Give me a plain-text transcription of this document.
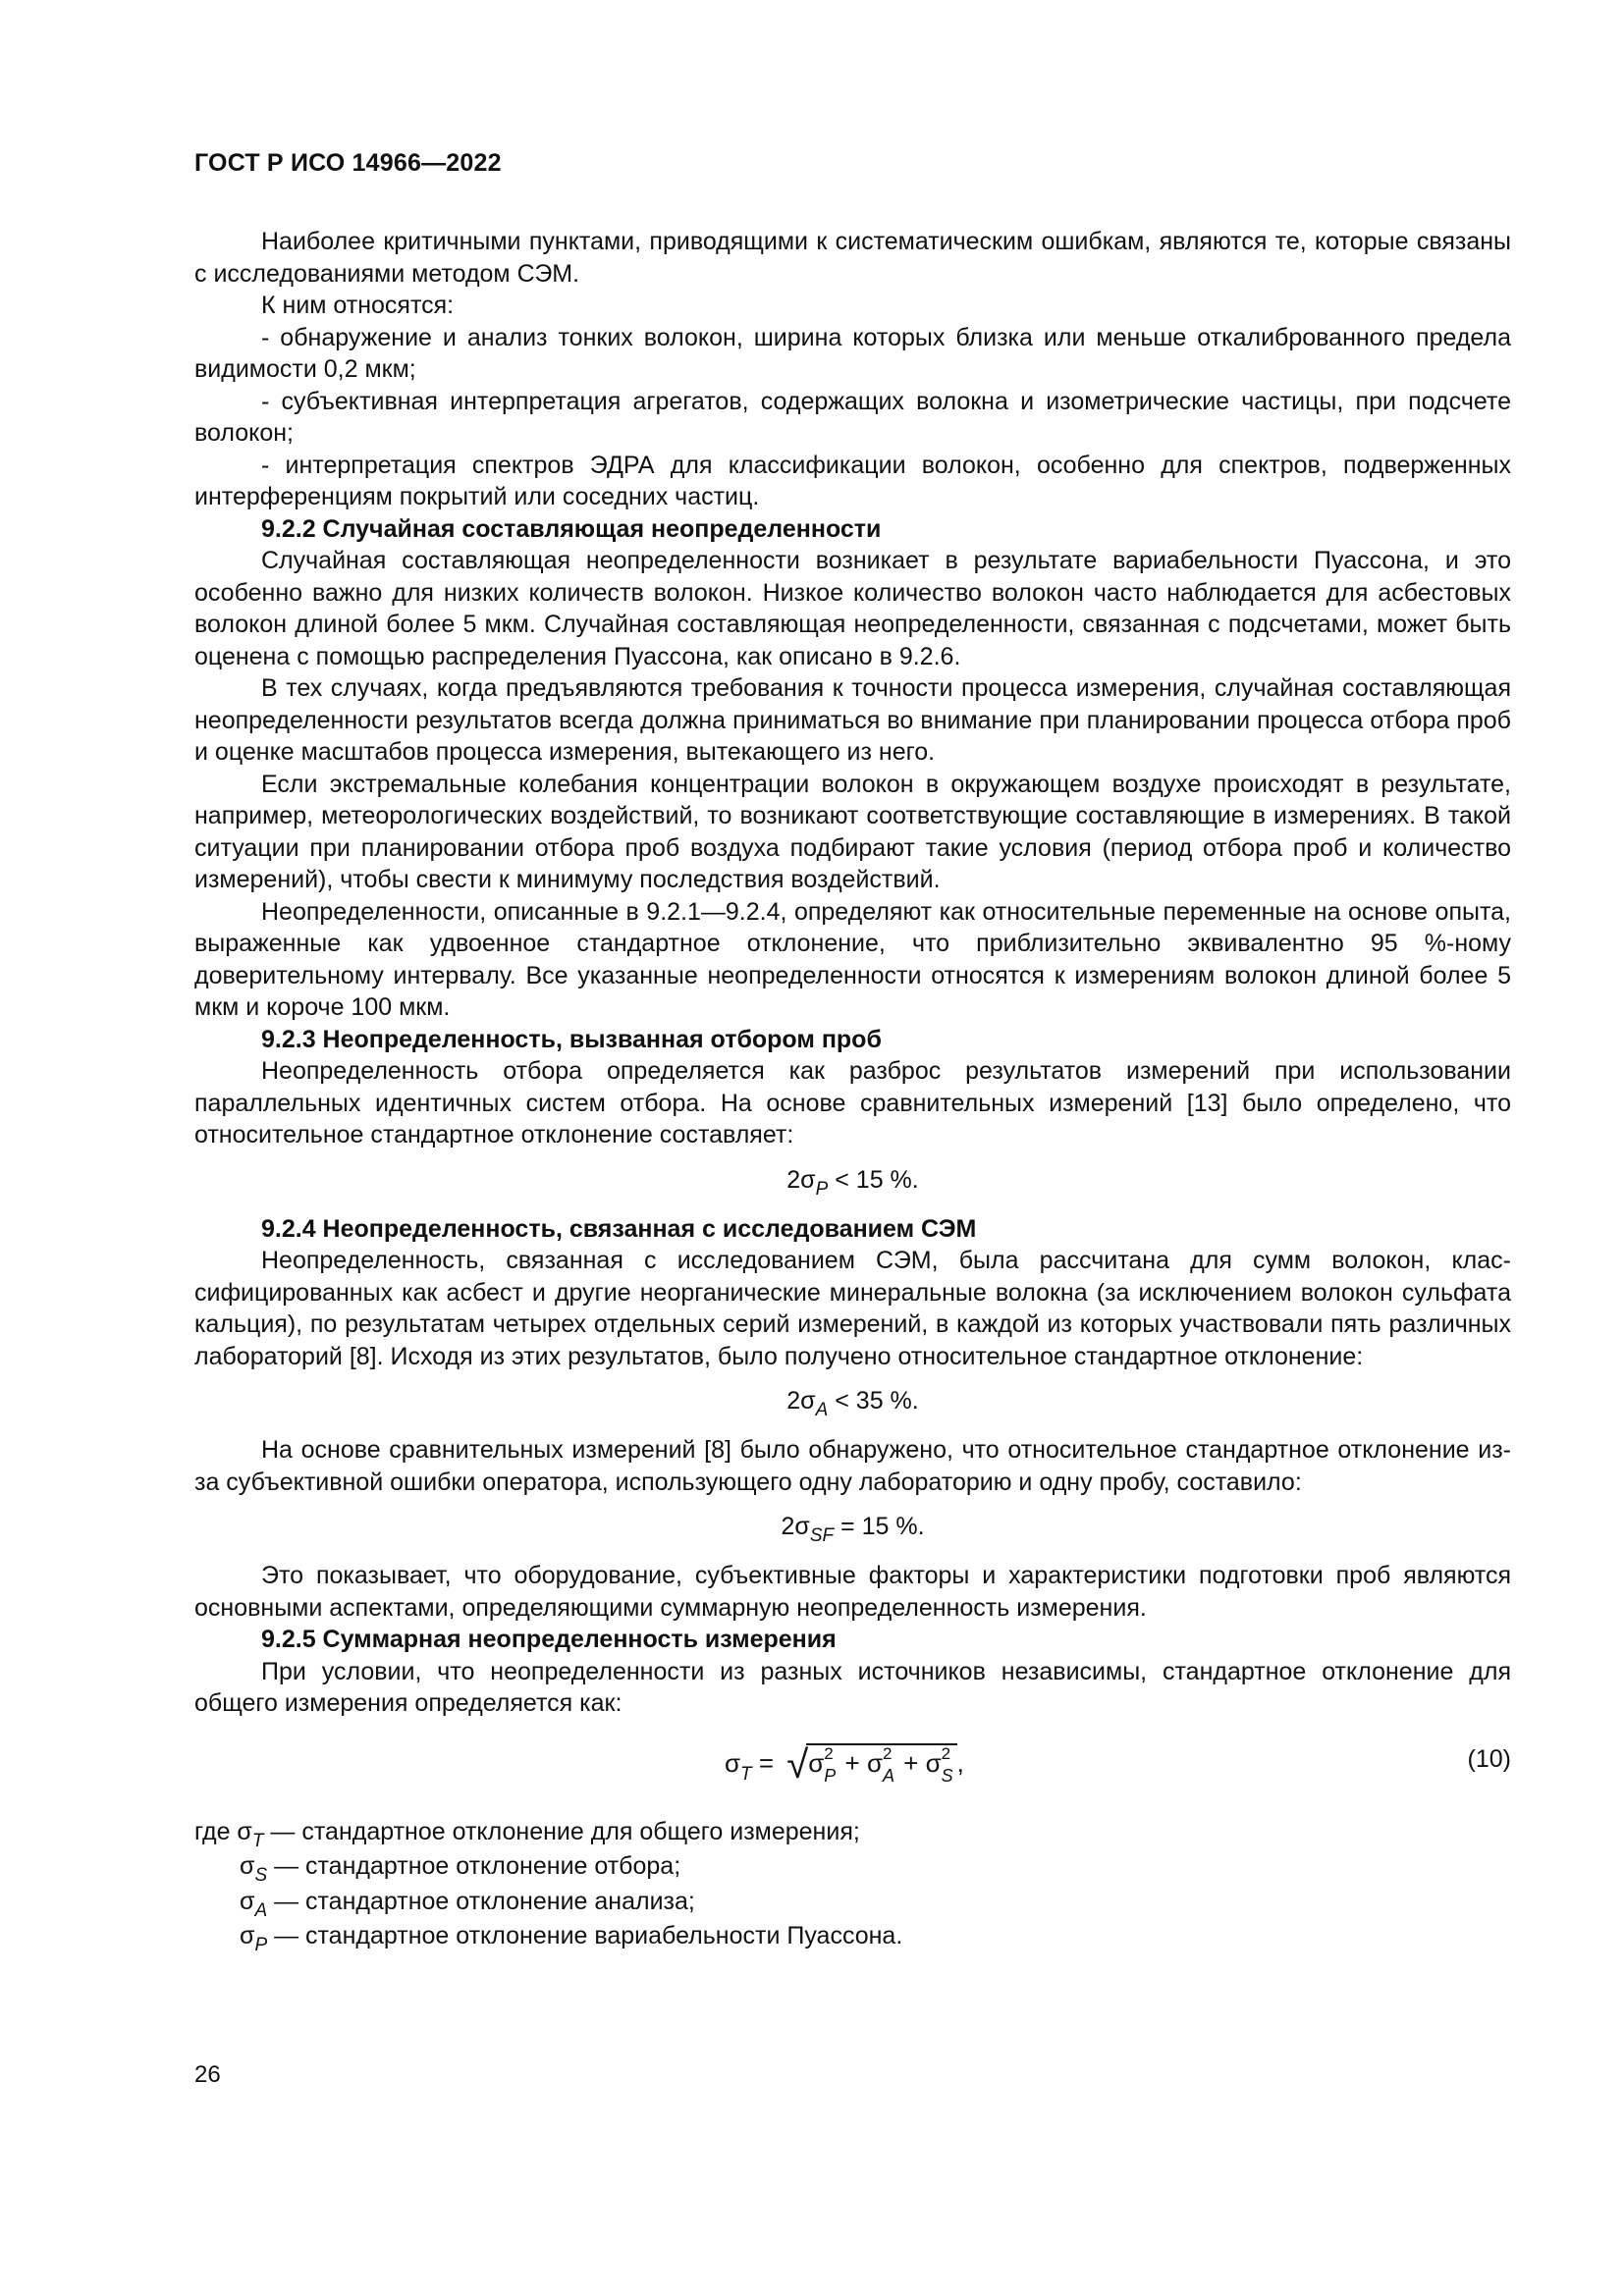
ГОСТ Р ИСО 14966—2022

Наиболее критичными пунктами, приводящими к систематическим ошибкам, являются те, которые связаны с исследованиями методом СЭМ.

К ним относятся:

- обнаружение и анализ тонких волокон, ширина которых близка или меньше откалиброванного предела видимости 0,2 мкм;

- субъективная интерпретация агрегатов, содержащих волокна и изометрические частицы, при подсчете волокон;

- интерпретация спектров ЭДРА для классификации волокон, особенно для спектров, подверженных интерференциям покрытий или соседних частиц.

9.2.2 Случайная составляющая неопределенности

Случайная составляющая неопределенности возникает в результате вариабельности Пуассона, и это особенно важно для низких количеств волокон. Низкое количество волокон часто наблюдается для асбестовых волокон длиной более 5 мкм. Случайная составляющая неопределенности, связанная с подсчетами, может быть оценена с помощью распределения Пуассона, как описано в 9.2.6.

В тех случаях, когда предъявляются требования к точности процесса измерения, случайная составляющая неопределенности результатов всегда должна приниматься во внимание при планировании процесса отбора проб и оценке масштабов процесса измерения, вытекающего из него.

Если экстремальные колебания концентрации волокон в окружающем воздухе происходят в результате, например, метеорологических воздействий, то возникают соответствующие составляющие в измерениях. В такой ситуации при планировании отбора проб воздуха подбирают такие условия (период отбора проб и количество измерений), чтобы свести к минимуму последствия воздействий.

Неопределенности, описанные в 9.2.1—9.2.4, определяют как относительные переменные на основе опыта, выраженные как удвоенное стандартное отклонение, что приблизительно эквивалентно 95 %-ному доверительному интервалу. Все указанные неопределенности относятся к измерениям волокон длиной более 5 мкм и короче 100 мкм.

9.2.3 Неопределенность, вызванная отбором проб

Неопределенность отбора определяется как разброс результатов измерений при использовании параллельных идентичных систем отбора. На основе сравнительных измерений [13] было определено, что относительное стандартное отклонение составляет:

$2\sigma_P < 15$ %.

9.2.4 Неопределенность, связанная с исследованием СЭМ

Неопределенность, связанная с исследованием СЭМ, была рассчитана для сумм волокон, классифицированных как асбест и другие неорганические минеральные волокна (за исключением волокон сульфата кальция), по результатам четырех отдельных серий измерений, в каждой из которых участвовали пять различных лабораторий [8]. Исходя из этих результатов, было получено относительное стандартное отклонение:

$2\sigma_A < 35$ %.

На основе сравнительных измерений [8] было обнаружено, что относительное стандартное отклонение из-за субъективной ошибки оператора, использующего одну лабораторию и одну пробу, составило:

$2\sigma_{SF} = 15$ %.

Это показывает, что оборудование, субъективные факторы и характеристики подготовки проб являются основными аспектами, определяющими суммарную неопределенность измерения.

9.2.5 Суммарная неопределенность измерения

При условии, что неопределенности из разных источников независимы, стандартное отклонение для общего измерения определяется как:

$\sigma_T = √\sigma$ 2
P + σ 2
A + σ 2
S ,	(10)

где $\sigma_T$ — стандартное отклонение для общего измерения;

$\sigma_S$ — стандартное отклонение отбора;

$\sigma_A$ — стандартное отклонение анализа;

$\sigma_P$ — стандартное отклонение вариабельности Пуассона.

26
